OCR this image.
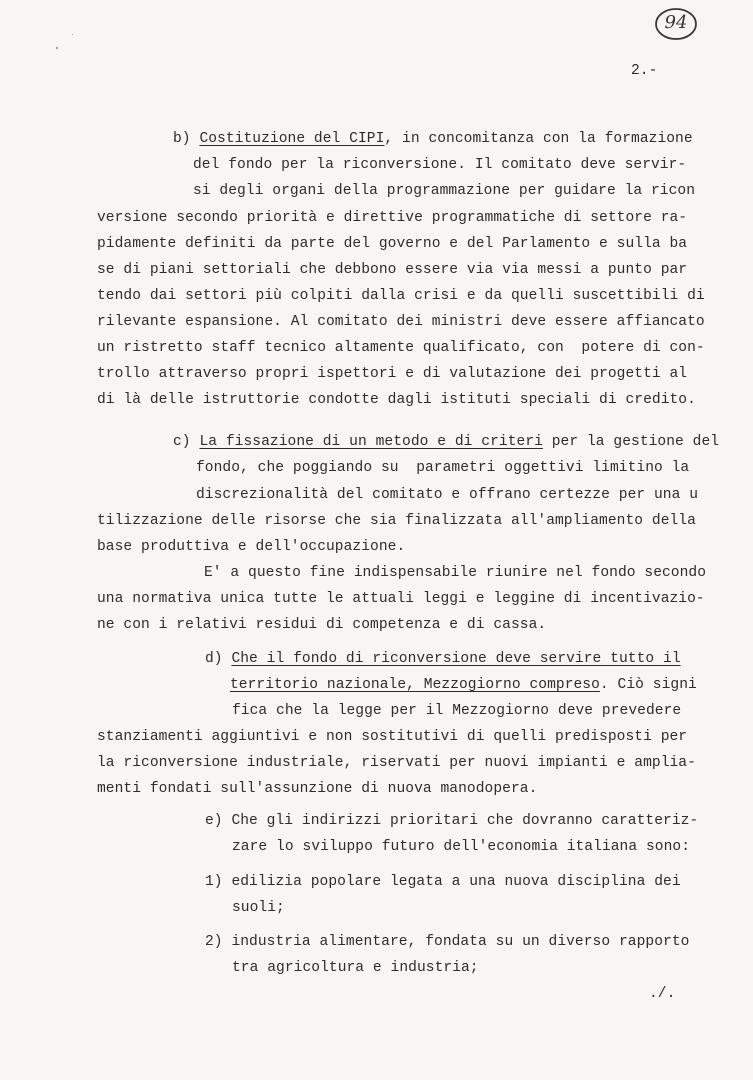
94
2.-
b) Costituzione del CIPI, in concomitanza con la formazione
del fondo per la riconversione. Il comitato deve servir-
si degli organi della programmazione per guidare la ricon
versione secondo priorità e direttive programmatiche di settore ra-
pidamente definiti da parte del governo e del Parlamento e sulla ba
se di piani settoriali che debbono essere via via messi a punto par
tendo dai settori più colpiti dalla crisi e da quelli suscettibili di
rilevante espansione. Al comitato dei ministri deve essere affiancato
un ristretto staff tecnico altamente qualificato, con  potere di con-
trollo attraverso propri ispettori e di valutazione dei progetti al
di là delle istruttorie condotte dagli istituti speciali di credito.
c) La fissazione di un metodo e di criteri per la gestione del
fondo, che poggiando su  parametri oggettivi limitino la
discrezionalità del comitato e offrano certezze per una u
tilizzazione delle risorse che sia finalizzata all'ampliamento della
base produttiva e dell'occupazione.
E' a questo fine indispensabile riunire nel fondo secondo
una normativa unica tutte le attuali leggi e leggine di incentivazio-
ne con i relativi residui di competenza e di cassa.
d) Che il fondo di riconversione deve servire tutto il
territorio nazionale, Mezzogiorno compreso. Ciò signi
fica che la legge per il Mezzogiorno deve prevedere
stanziamenti aggiuntivi e non sostitutivi di quelli predisposti per
la riconversione industriale, riservati per nuovi impianti e amplia-
menti fondati sull'assunzione di nuova manodopera.
e) Che gli indirizzi prioritari che dovranno caratteriz-
zare lo sviluppo futuro dell'economia italiana sono:
1) edilizia popolare legata a una nuova disciplina dei
suoli;
2) industria alimentare, fondata su un diverso rapporto
tra agricoltura e industria;
./.
